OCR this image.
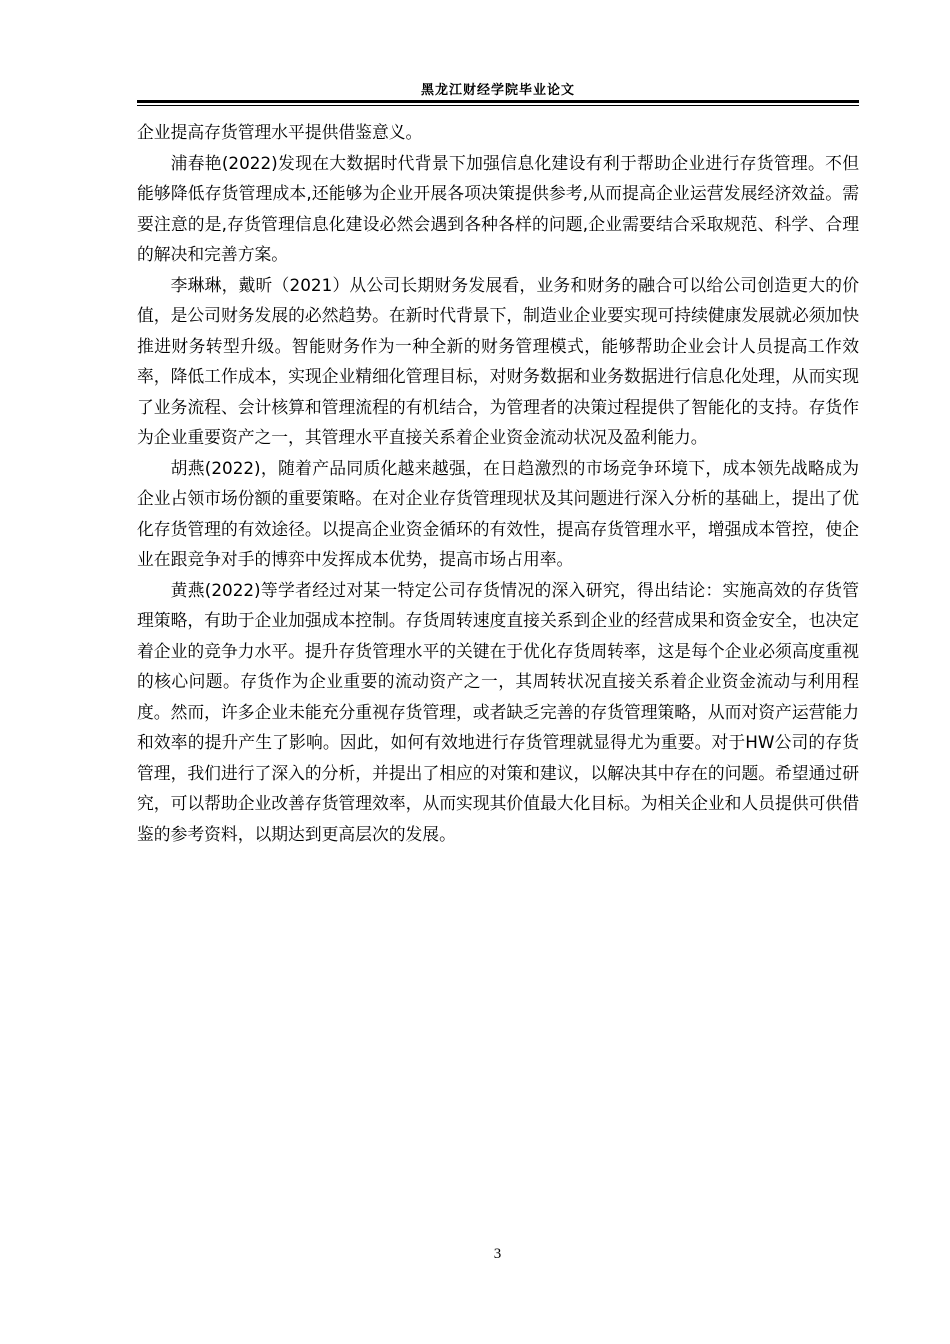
黑龙江财经学院毕业论文

企业提高存货管理水平提供借鉴意义。

浦春艳(2022)发现在大数据时代背景下加强信息化建设有利于帮助企业进行存货管理。不但能够降低存货管理成本,还能够为企业开展各项决策提供参考,从而提高企业运营发展经济效益。需要注意的是,存货管理信息化建设必然会遇到各种各样的问题,企业需要结合采取规范、科学、合理的解决和完善方案。

李琳琳，戴昕（2021）从公司长期财务发展看，业务和财务的融合可以给公司创造更大的价值，是公司财务发展的必然趋势。在新时代背景下，制造业企业要实现可持续健康发展就必须加快推进财务转型升级。智能财务作为一种全新的财务管理模式，能够帮助企业会计人员提高工作效率，降低工作成本，实现企业精细化管理目标，对财务数据和业务数据进行信息化处理，从而实现了业务流程、会计核算和管理流程的有机结合，为管理者的决策过程提供了智能化的支持。存货作为企业重要资产之一，其管理水平直接关系着企业资金流动状况及盈利能力。

胡燕(2022)，随着产品同质化越来越强，在日趋激烈的市场竞争环境下，成本领先战略成为企业占领市场份额的重要策略。在对企业存货管理现状及其问题进行深入分析的基础上，提出了优化存货管理的有效途径。以提高企业资金循环的有效性，提高存货管理水平，增强成本管控，使企业在跟竞争对手的博弈中发挥成本优势，提高市场占用率。

黄燕(2022)等学者经过对某一特定公司存货情况的深入研究，得出结论：实施高效的存货管理策略，有助于企业加强成本控制。存货周转速度直接关系到企业的经营成果和资金安全，也决定着企业的竞争力水平。提升存货管理水平的关键在于优化存货周转率，这是每个企业必须高度重视的核心问题。存货作为企业重要的流动资产之一，其周转状况直接关系着企业资金流动与利用程度。然而，许多企业未能充分重视存货管理，或者缺乏完善的存货管理策略，从而对资产运营能力和效率的提升产生了影响。因此，如何有效地进行存货管理就显得尤为重要。对于HW公司的存货管理，我们进行了深入的分析，并提出了相应的对策和建议，以解决其中存在的问题。希望通过研究，可以帮助企业改善存货管理效率，从而实现其价值最大化目标。为相关企业和人员提供可供借鉴的参考资料，以期达到更高层次的发展。

3
